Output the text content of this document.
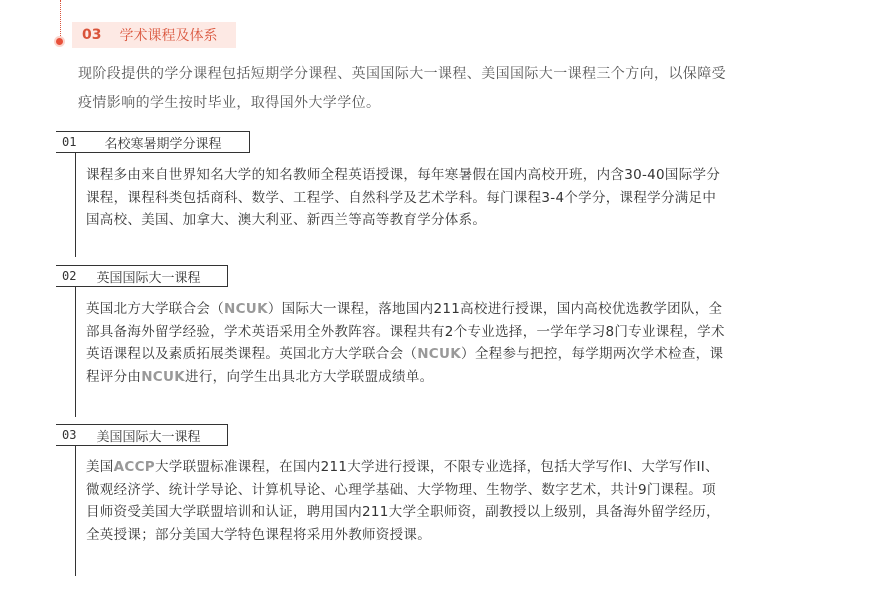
03 学术课程及体系
现阶段提供的学分课程包括短期学分课程、英国国际大一课程、美国国际大一课程三个方向，以保障受疫情影响的学生按时毕业，取得国外大学学位。
01 名校寒暑期学分课程
课程多由来自世界知名大学的知名教师全程英语授课，每年寒暑假在国内高校开班，内含30-40国际学分课程，课程科类包括商科、数学、工程学、自然科学及艺术学科。每门课程3-4个学分，课程学分满足中国高校、美国、加拿大、澳大利亚、新西兰等高等教育学分体系。
02 英国国际大一课程
英国北方大学联合会（NCUK）国际大一课程，落地国内211高校进行授课，国内高校优选教学团队，全部具备海外留学经验，学术英语采用全外教阵容。课程共有2个专业选择，一学年学习8门专业课程，学术英语课程以及素质拓展类课程。英国北方大学联合会（NCUK）全程参与把控，每学期两次学术检查，课程评分由NCUK进行，向学生出具北方大学联盟成绩单。
03 美国国际大一课程
美国ACCP大学联盟标准课程，在国内211大学进行授课，不限专业选择，包括大学写作I、大学写作II、微观经济学、统计学导论、计算机导论、心理学基础、大学物理、生物学、数字艺术，共计9门课程。项目师资受美国大学联盟培训和认证，聘用国内211大学全职师资，副教授以上级别，具备海外留学经历，全英授课；部分美国大学特色课程将采用外教师资授课。
